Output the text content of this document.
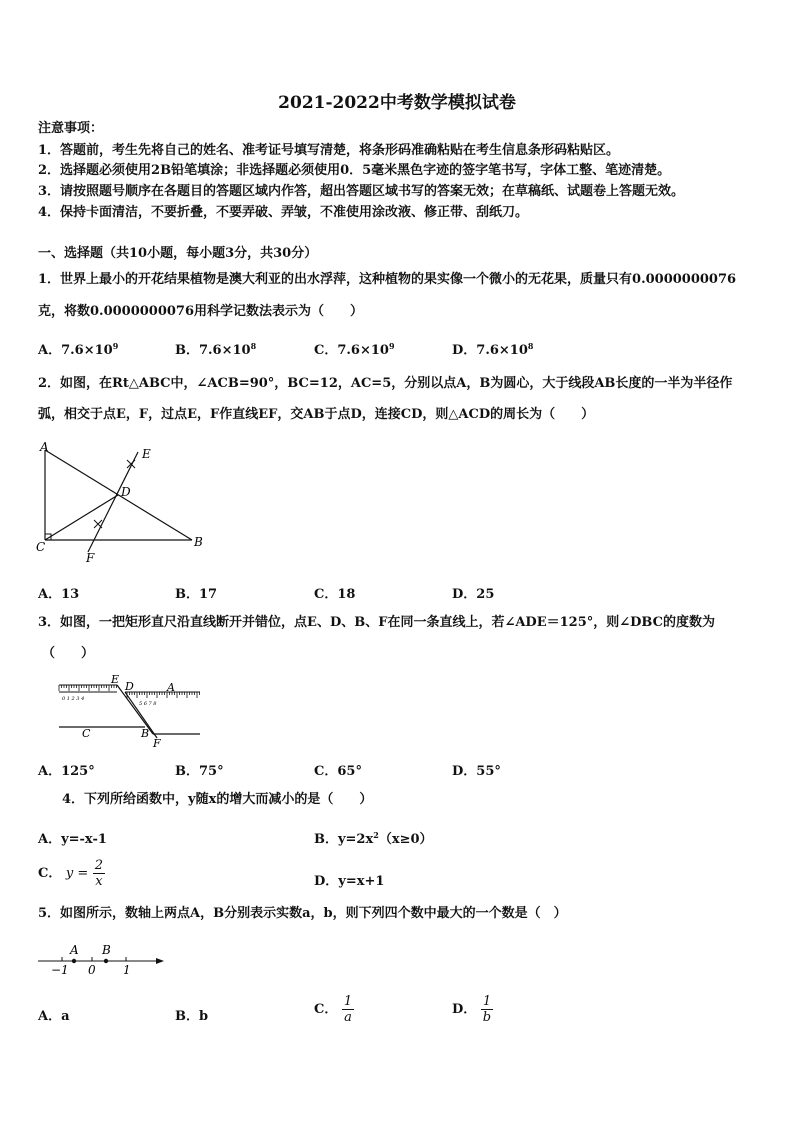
2021-2022中考数学模拟试卷
注意事项：
1．答题前，考生先将自己的姓名、准考证号填写清楚，将条形码准确粘贴在考生信息条形码粘贴区。
2．选择题必须使用2B铅笔填涂；非选择题必须使用0．5毫米黑色字迹的签字笔书写，字体工整、笔迹清楚。
3．请按照题号顺序在各题目的答题区域内作答，超出答题区域书写的答案无效；在草稿纸、试题卷上答题无效。
4．保持卡面清洁，不要折叠，不要弄破、弄皱，不准使用涂改液、修正带、刮纸刀。
一、选择题（共10小题，每小题3分，共30分）
1．世界上最小的开花结果植物是澳大利亚的出水浮萍，这种植物的果实像一个微小的无花果，质量只有0.0000000076
克，将数0.0000000076用科学记数法表示为（　　）
A．$7.6\times 10^9$	B．$7.6\times 10^8$	C．$7.6\times 10^9$	D．$7.6\times 10^8$
2．如图，在Rt△ABC中，∠ACB=90°，BC=12，AC=5，分别以点A，B为圆心，大于线段AB长度的一半为半径作
弧，相交于点E，F，过点E，F作直线EF，交AB于点D，连接CD，则△ACD的周长为（　　）
A	E
D
C	B
F
A．13	B．17	C．18	D．25
3．如图，一把矩形直尺沿直线断开并错位，点E、D、B、F在同一条直线上，若∠ADE＝125°，则∠DBC的度数为
（　　）
0 1 2 3 4
5 6 7 8
E
D	A
C	B
F
A．125°	B．75°	C．65°	D．55°
4．下列所给函数中，y随x的增大而减小的是（　　）
A．y=-x-1	B．$y=2x^2(x\ge 0)$
C． $y = \frac{2}{x}$	D．y=x+1
5．如图所示，数轴上两点A，B分别表示实数a，b，则下列四个数中最大的一个数是（　）
A B
−1 0 1
A．a	B．b	C． $\frac{1}{a}$	D． $\frac{1}{b}$
